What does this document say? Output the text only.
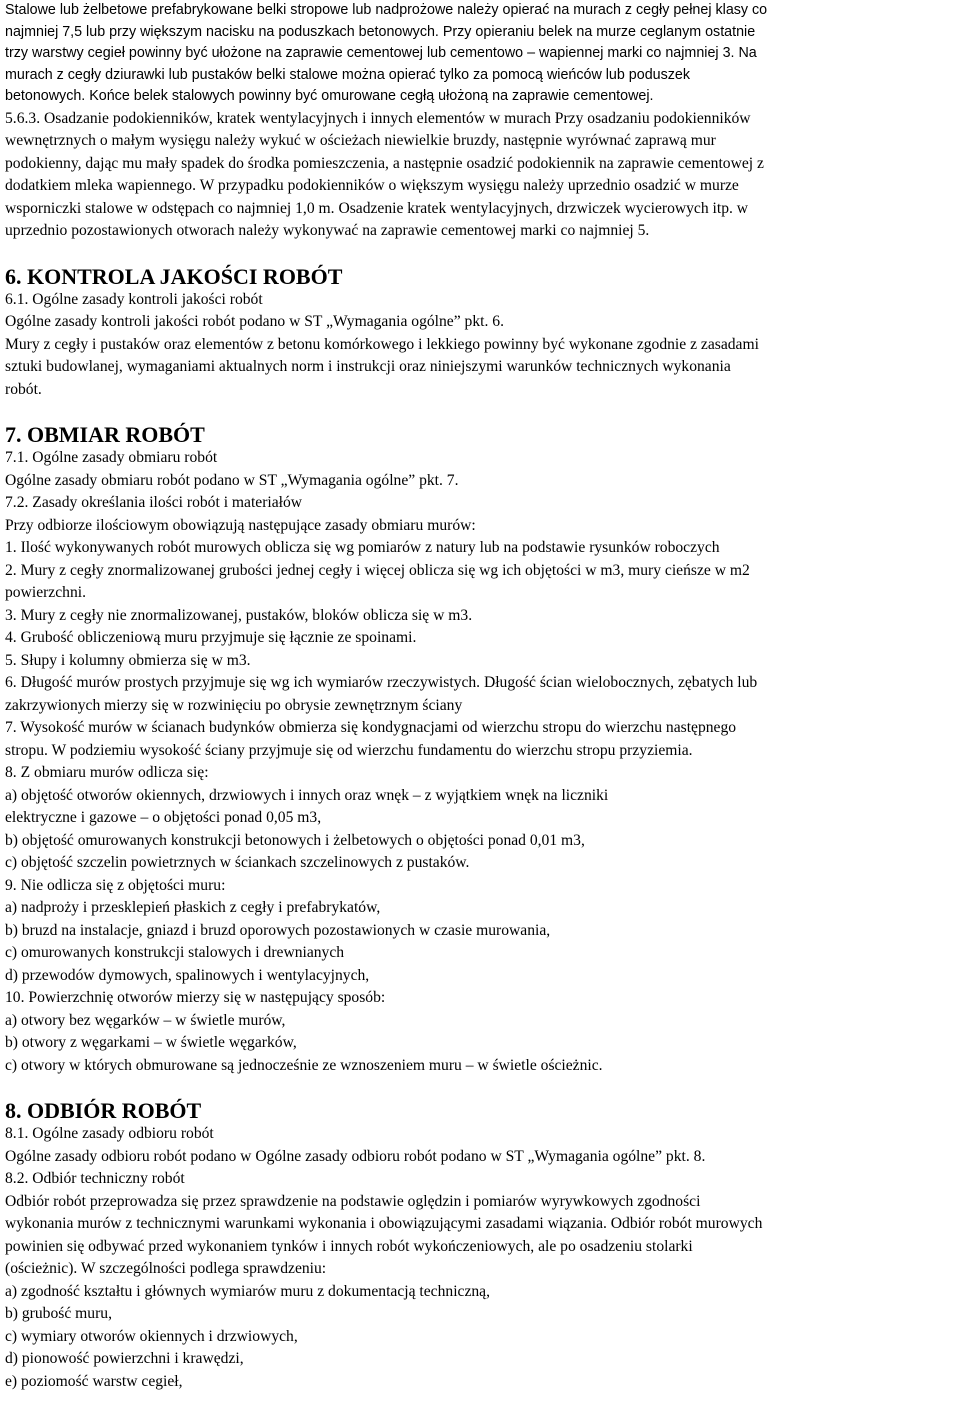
Stalowe lub żelbetowe prefabrykowane belki stropowe lub nadprożowe należy opierać na murach z cegły pełnej klasy co
najmniej 7,5 lub przy większym nacisku na poduszkach betonowych. Przy opieraniu belek na murze ceglanym ostatnie
trzy warstwy cegieł powinny być ułożone na zaprawie cementowej lub cementowo – wapiennej marki co najmniej 3. Na
murach z cegły dziurawki lub pustaków belki stalowe można opierać tylko za pomocą wieńców lub poduszek
betonowych. Końce belek stalowych powinny być omurowane cegłą ułożoną na zaprawie cementowej.

5.6.3. Osadzanie podokienników, kratek wentylacyjnych i innych elementów w murach Przy osadzaniu podokienników
wewnętrznych o małym wysięgu należy wykuć w ościeżach niewielkie bruzdy, następnie wyrównać zaprawą mur
podokienny, dając mu mały spadek do środka pomieszczenia, a następnie osadzić podokiennik na zaprawie cementowej z
dodatkiem mleka wapiennego. W przypadku podokienników o większym wysięgu należy uprzednio osadzić w murze
wsporniczki stalowe w odstępach co najmniej 1,0 m. Osadzenie kratek wentylacyjnych, drzwiczek wycierowych itp. w
uprzednio pozostawionych otworach należy wykonywać na zaprawie cementowej marki co najmniej 5.

6. KONTROLA JAKOŚCI ROBÓT

6.1. Ogólne zasady kontroli jakości robót
Ogólne zasady kontroli jakości robót podano w ST „Wymagania ogólne” pkt. 6.
Mury z cegły i pustaków oraz elementów z betonu komórkowego i lekkiego powinny być wykonane zgodnie z zasadami
sztuki budowlanej, wymaganiami aktualnych norm i instrukcji oraz niniejszymi warunków technicznych wykonania
robót.

7. OBMIAR ROBÓT

7.1. Ogólne zasady obmiaru robót
Ogólne zasady obmiaru robót podano w ST „Wymagania ogólne” pkt. 7.
7.2. Zasady określania ilości robót i materiałów
Przy odbiorze ilościowym obowiązują następujące zasady obmiaru murów:
1. Ilość wykonywanych robót murowych oblicza się wg pomiarów z natury lub na podstawie rysunków roboczych
2. Mury z cegły znormalizowanej grubości jednej cegły i więcej oblicza się wg ich objętości w m3, mury cieńsze w m2
powierzchni.
3. Mury z cegły nie znormalizowanej, pustaków, bloków oblicza się w m3.
4. Grubość obliczeniową muru przyjmuje się łącznie ze spoinami.
5. Słupy i kolumny obmierza się w m3.
6. Długość murów prostych przyjmuje się wg ich wymiarów rzeczywistych. Długość ścian wielobocznych, zębatych lub
zakrzywionych mierzy się w rozwinięciu po obrysie zewnętrznym ściany
7. Wysokość murów w ścianach budynków obmierza się kondygnacjami od wierzchu stropu do wierzchu następnego
stropu. W podziemiu wysokość ściany przyjmuje się od wierzchu fundamentu do wierzchu stropu przyziemia.
8. Z obmiaru murów odlicza się:
a) objętość otworów okiennych, drzwiowych i innych oraz wnęk – z wyjątkiem wnęk na liczniki
elektryczne i gazowe – o objętości ponad 0,05 m3,
b) objętość omurowanych konstrukcji betonowych i żelbetowych o objętości ponad 0,01 m3,
c) objętość szczelin powietrznych w ściankach szczelinowych z pustaków.
9. Nie odlicza się z objętości muru:
a) nadproży i przesklepień płaskich z cegły i prefabrykatów,
b) bruzd na instalacje, gniazd i bruzd oporowych pozostawionych w czasie murowania,
c) omurowanych konstrukcji stalowych i drewnianych
d) przewodów dymowych, spalinowych i wentylacyjnych,
10. Powierzchnię otworów mierzy się w następujący sposób:
a) otwory bez węgarków – w świetle murów,
b) otwory z węgarkami – w świetle węgarków,
c) otwory w których obmurowane są jednocześnie ze wznoszeniem muru – w świetle ościeżnic.

8. ODBIÓR ROBÓT

8.1. Ogólne zasady odbioru robót
Ogólne zasady odbioru robót podano w Ogólne zasady odbioru robót podano w ST „Wymagania ogólne” pkt. 8.
8.2. Odbiór techniczny robót
Odbiór robót przeprowadza się przez sprawdzenie na podstawie oględzin i pomiarów wyrywkowych zgodności
wykonania murów z technicznymi warunkami wykonania i obowiązującymi zasadami wiązania. Odbiór robót murowych
powinien się odbywać przed wykonaniem tynków i innych robót wykończeniowych, ale po osadzeniu stolarki
(ościeżnic). W szczególności podlega sprawdzeniu:
a) zgodność kształtu i głównych wymiarów muru z dokumentacją techniczną,
b) grubość muru,
c) wymiary otworów okiennych i drzwiowych,
d) pionowość powierzchni i krawędzi,
e) poziomość warstw cegieł,
